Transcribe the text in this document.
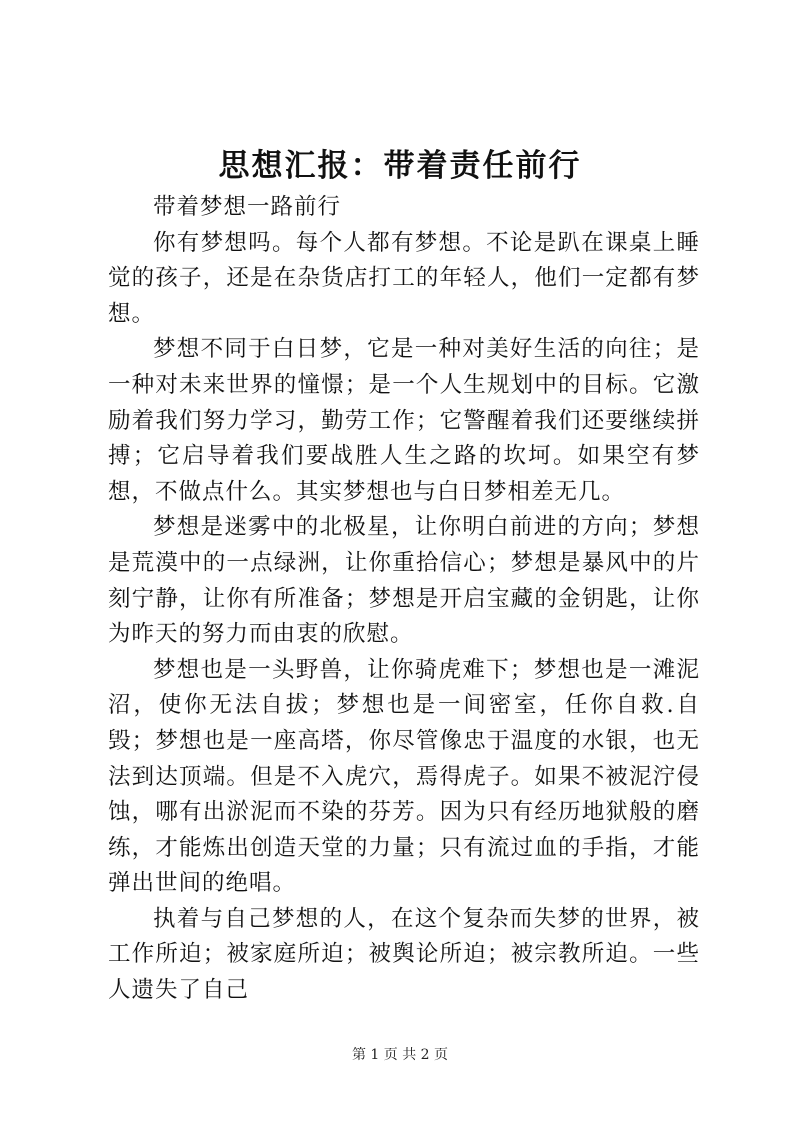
思想汇报：带着责任前行

带着梦想一路前行

你有梦想吗。每个人都有梦想。不论是趴在课桌上睡觉的孩子，还是在杂货店打工的年轻人，他们一定都有梦想。

梦想不同于白日梦，它是一种对美好生活的向往；是一种对未来世界的憧憬；是一个人生规划中的目标。它激励着我们努力学习，勤劳工作；它警醒着我们还要继续拼搏；它启导着我们要战胜人生之路的坎坷。如果空有梦想，不做点什么。其实梦想也与白日梦相差无几。

梦想是迷雾中的北极星，让你明白前进的方向；梦想是荒漠中的一点绿洲，让你重拾信心；梦想是暴风中的片刻宁静，让你有所准备；梦想是开启宝藏的金钥匙，让你为昨天的努力而由衷的欣慰。

梦想也是一头野兽，让你骑虎难下；梦想也是一滩泥沼，使你无法自拔；梦想也是一间密室，任你自救.自毁；梦想也是一座高塔，你尽管像忠于温度的水银，也无法到达顶端。但是不入虎穴，焉得虎子。如果不被泥泞侵蚀，哪有出淤泥而不染的芬芳。因为只有经历地狱般的磨练，才能炼出创造天堂的力量；只有流过血的手指，才能弹出世间的绝唱。

执着与自己梦想的人，在这个复杂而失梦的世界，被工作所迫；被家庭所迫；被舆论所迫；被宗教所迫。一些人遗失了自己

第 1 页 共 2 页
